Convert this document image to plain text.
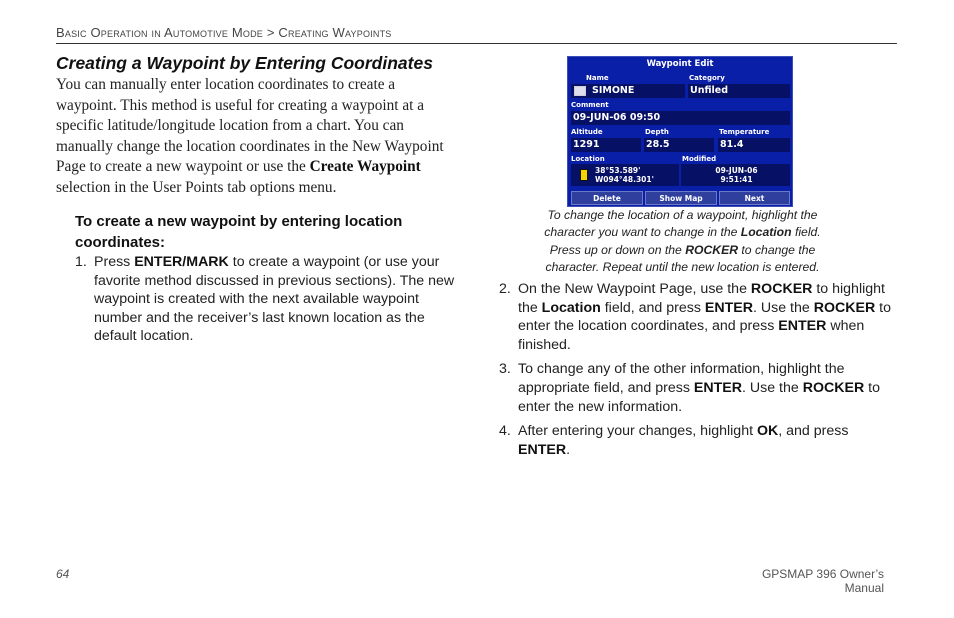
Basic Operation in Automotive Mode > Creating Waypoints
Creating a Waypoint by Entering Coordinates
You can manually enter location coordinates to create a waypoint. This method is useful for creating a waypoint at a specific latitude/longitude location from a chart. You can manually change the location coordinates in the New Waypoint Page to create a new waypoint or use the Create Waypoint selection in the User Points tab options menu.
To create a new waypoint by entering location coordinates:
1. Press ENTER/MARK to create a waypoint (or use your favorite method discussed in previous sections). The new waypoint is created with the next available waypoint number and the receiver’s last known location as the default location.
Waypoint Edit
Name
SIMONE
Category
Unfiled
Comment
09-JUN-06 09:50
Altitude
1291
Depth
28.5
Temperature
81.4
Location
38°53.589'
W094°48.301'
Modified
09-JUN-06
9:51:41
Delete	Show Map	Next
To change the location of a waypoint, highlight the character you want to change in the Location field. Press up or down on the ROCKER to change the character. Repeat until the new location is entered.
2. On the New Waypoint Page, use the ROCKER to highlight the Location field, and press ENTER. Use the ROCKER to enter the location coordinates, and press ENTER when finished.
3. To change any of the other information, highlight the appropriate field, and press ENTER. Use the ROCKER to enter the new information.
4. After entering your changes, highlight OK, and press ENTER.
64	GPSMAP 396 Owner’s Manual
